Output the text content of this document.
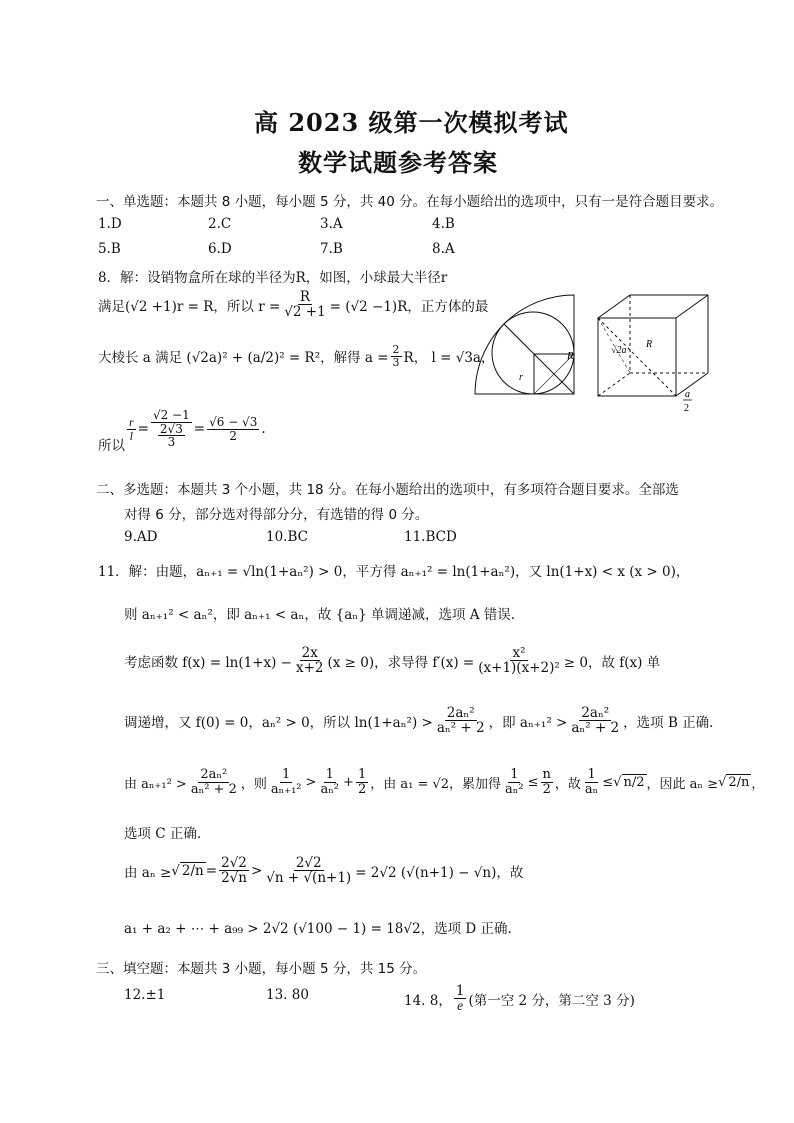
高 2023 级第一次模拟考试
数学试题参考答案
一、单选题：本题共 8 小题，每小题 5 分，共 40 分。在每小题给出的选项中，只有一是符合题目要求。
1.D	2.C	3.A	4.B
5.B	6.D	7.B	8.A
8．解：设销物盒所在球的半径为R，如图，小球最大半径r
满足(√2 +1)r = R，所以 $r = \frac{R}{√2 +1} = (√2 -1)R$，正方体的最
大棱长 a 满足 (√2a)² + (a/2)² = R²，解得 $a = \frac{2}{3}$ R， l = √3a，
所以
$\frac{r}{l} = \frac{√2 -1}{\frac{2√3}{3}} = \frac{√6 - √3}{2}$ .
R
r
√2a
R
a
2
二、多选题：本题共 3 个小题，共 18 分。在每小题给出的选项中，有多项符合题目要求。全部选
对得 6 分，部分选对得部分分，有选错的得 0 分。
9.AD	10.BC	11.BCD
11．解：由题，aₙ₊₁ = √ln(1+aₙ²) > 0，平方得 aₙ₊₁² = ln(1+aₙ²)，又 ln(1+x) < x (x > 0)，
则 aₙ₊₁² < aₙ²，即 aₙ₊₁ < aₙ，故 {aₙ} 单调递减，选项 A 错误.
考虑函数 $f(x) = \ln(1+x) - \frac{2x}{x+2} (x \ge 0)$，求导得 $f'(x) = \frac{\text{x²}}{\text{(x+1)(x+2)²}} \ge 0$，故 f(x) 单
调递增，又 f(0) = 0，aₙ² > 0，所以 $\ln(1+a_n^2) > \frac{\text{2aₙ²}}{\text{aₙ² + 2}}$ ，即 $a_{n+1}^2 > \frac{\text{2aₙ²}}{\text{aₙ² + 2}}$ ，选项 B 正确.
由 $a_{n+1}^2 > \frac{\text{2aₙ²}}{\text{aₙ² + 2}}$ ，则 $\frac{1}{\text{aₙ₊₁²}} > \frac{1}{\text{aₙ²}} + \frac{1}{2}$ ，由 a₁ = √2，累加得 $\frac{1}{\text{aₙ²}} \le \frac{n}{2}$ ，故 $\frac{1}{\text{aₙ}}$ ≤ √ n/2 ，因此 aₙ ≥ √ 2/n ，
选项 C 正确.
由 aₙ ≥ √ $2/n = \frac{2√2}{2√n} > \frac{2√2}{√n + √(n+1)} = 2√2$ (√(n+1) − √n)，故
a₁ + a₂ + ⋯ + a₉₉ > 2√2 (√100 − 1) = 18√2，选项 D 正确.
三、填空题：本题共 3 小题，每小题 5 分，共 15 分。
12.±1	13. 80	14. 8， $\frac{1}{e}$ (第一空 2 分，第二空 3 分)
